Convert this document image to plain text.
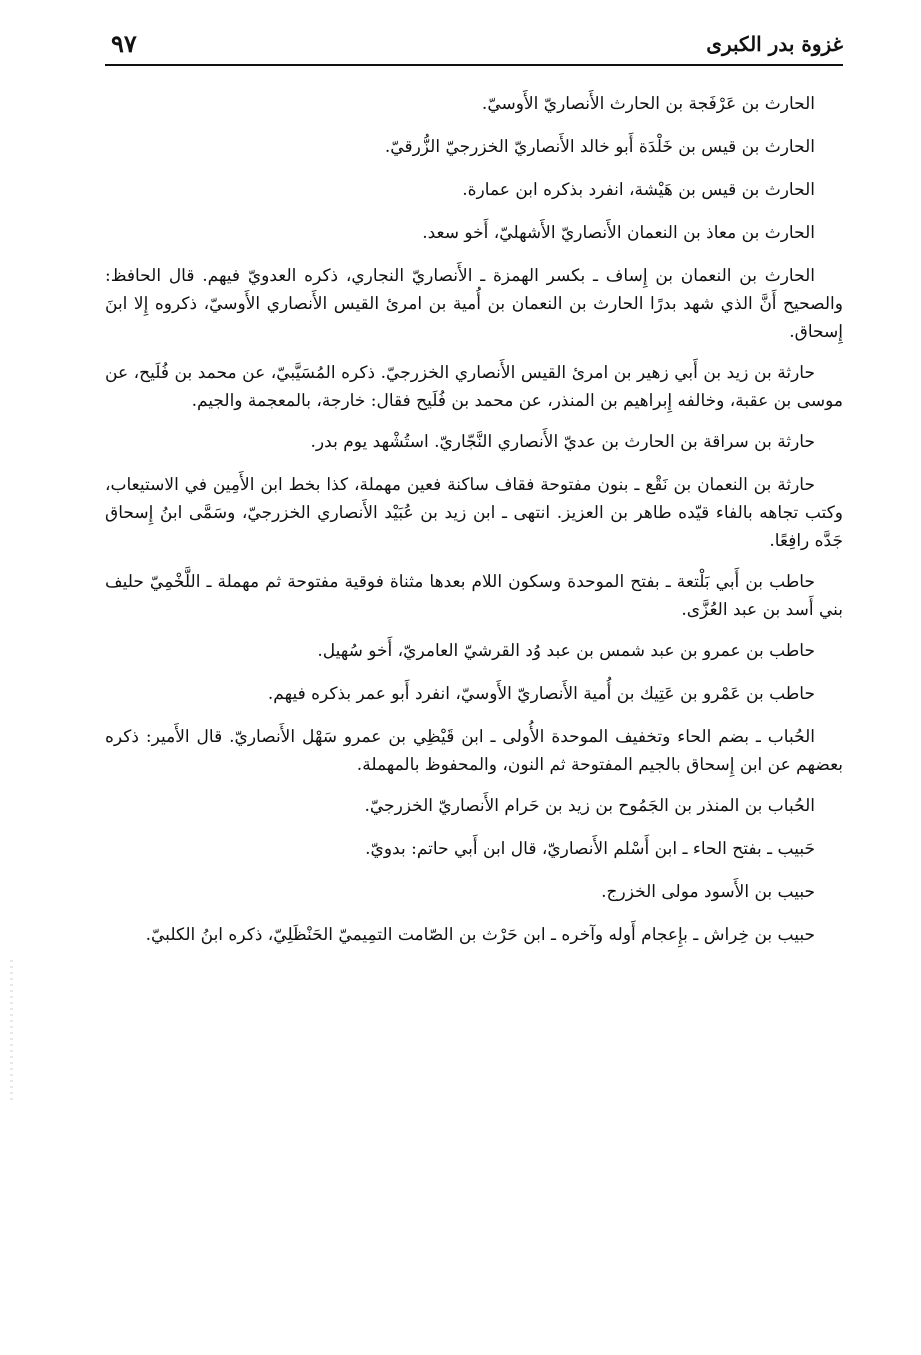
غزوة بدر الكبرى
٩٧

الحارث بن عَرْفَجة بن الحارث الأَنصاريّ الأَوسيّ.

الحارث بن قيس بن خَلْدَة أَبو خالد الأَنصاريّ الخزرجيّ الزُّرقيّ.

الحارث بن قيس بن هَيْشة، انفرد بذكره ابن عمارة.

الحارث بن معاذ بن النعمان الأَنصاريّ الأَشهليّ، أَخو سعد.

الحارث بن النعمان بن إِساف ـ بكسر الهمزة ـ الأَنصاريّ النجاري، ذكره العدويّ فيهم. قال الحافظ: والصحيح أَنَّ الذي شهد بدرًا الحارث بن النعمان بن أُمية بن امرئ القيس الأَنصاري الأَوسيّ، ذكروه إِلا ابنَ إِسحاق.

حارثة بن زيد بن أَبي زهير بن امرئ القيس الأَنصاري الخزرجيّ. ذكره المُسَيَّبيّ، عن محمد بن فُلَيح، عن موسى بن عقبة، وخالفه إِبراهيم بن المنذر، عن محمد بن فُلَيح فقال: خارجة، بالمعجمة والجيم.

حارثة بن سراقة بن الحارث بن عديّ الأَنصاري النَّجّاريّ. استُشْهد يوم بدر.

حارثة بن النعمان بن نَقْع ـ بنون مفتوحة فقاف ساكنة فعين مهملة، كذا بخط ابن الأَمِين في الاستيعاب، وكتب تجاهه بالفاء قيّده طاهر بن العزيز. انتهى ـ ابن زيد بن عُبَيْد الأَنصاري الخزرجيّ، وسَمَّى ابنُ إِسحاق جَدَّه رافِعًا.

حاطب بن أَبي بَلْتعة ـ بفتح الموحدة وسكون اللام بعدها مثناة فوقية مفتوحة ثم مهملة ـ اللَّخْمِيّ حليف بني أَسد بن عبد العُزَّى.

حاطب بن عمرو بن عبد شمس بن عبد وُد القرشيّ العامريّ، أَخو سُهيل.

حاطب بن عَمْرو بن عَتِيك بن أُمية الأَنصاريّ الأَوسيّ، انفرد أَبو عمر بذكره فيهم.

الحُباب ـ بضم الحاء وتخفيف الموحدة الأُولى ـ ابن قَيْظِي بن عمرو سَهْل الأَنصاريّ. قال الأَمير: ذكره بعضهم عن ابن إِسحاق بالجيم المفتوحة ثم النون، والمحفوظ بالمهملة.

الحُباب بن المنذر بن الجَمُوح بن زيد بن حَرام الأَنصاريّ الخزرجيّ.

حَبيب ـ بفتح الحاء ـ ابن أَسْلم الأَنصاريّ، قال ابن أَبي حاتم: بدويّ.

حبيب بن الأَسود مولى الخزرج.

حبيب بن خِراش ـ بإِعجام أَوله وآخره ـ ابن حَرْث بن الصّامت التمِيميّ الحَنْظَلِيّ، ذكره ابنُ الكلبيّ.
